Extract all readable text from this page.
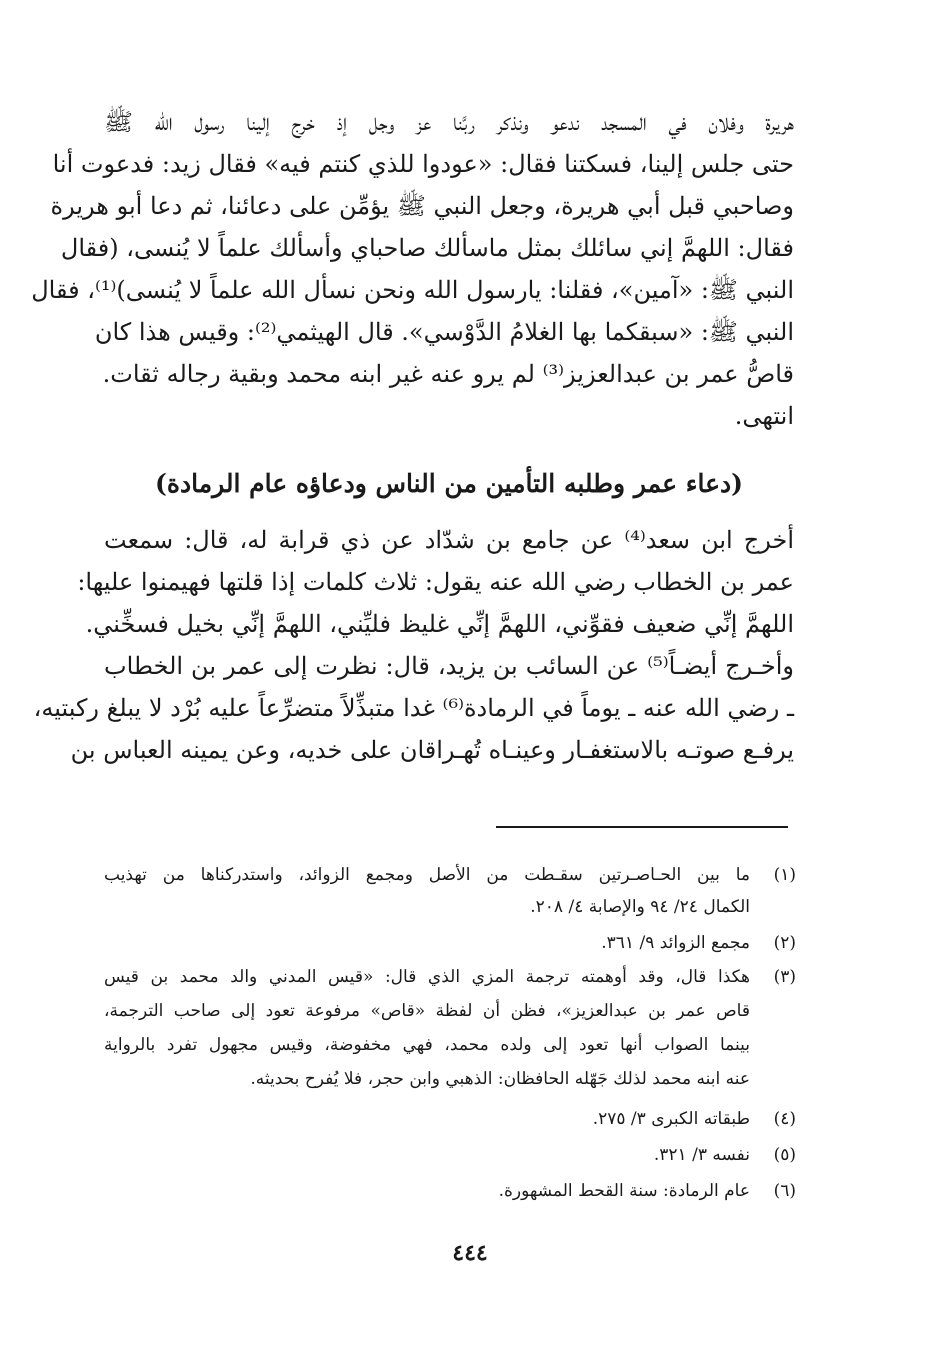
هريرة وفلان في المسجد ندعو ونذكر ربَّنا عز وجل إذ خرج إلينا رسول الله ﷺ
حتى جلس إلينا، فسكتنا فقال: «عودوا للذي كنتم فيه» فقال زيد: فدعوت أنا
وصاحبي قبل أبي هريرة، وجعل النبي ﷺ يؤمِّن على دعائنا، ثم دعا أبو هريرة
فقال: اللهمَّ إني سائلك بمثل ماسألك صاحباي وأسألك علماً لا يُنسى، (فقال
النبي ﷺ: «آمين»، فقلنا: يارسول الله ونحن نسأل الله علماً لا يُنسى)⁽¹⁾، فقال
النبي ﷺ: «سبقكما بها الغلامُ الدَّوْسي». قال الهيثمي⁽²⁾: وقيس هذا كان
قاصُّ عمر بن عبدالعزيز⁽³⁾ لم يرو عنه غير ابنه محمد وبقية رجاله ثقات.
انتهى.
(دعاء عمر وطلبه التأمين من الناس ودعاؤه عام الرمادة)
أخرج ابن سعد⁽⁴⁾ عن جامع بن شدّاد عن ذي قرابة له، قال: سمعت
عمر بن الخطاب رضي الله عنه يقول: ثلاث كلمات إذا قلتها فهيمنوا عليها:
اللهمَّ إنِّي ضعيف فقوِّني، اللهمَّ إنِّي غليظ فليِّني، اللهمَّ إنِّي بخيل فسخِّني.
وأخـرج أيضـاً⁽⁵⁾ عن السائب بن يزيد، قال: نظرت إلى عمر بن الخطاب
ـ رضي الله عنه ـ يوماً في الرمادة⁽⁶⁾ غدا متبذِّلاً متضرِّعاً عليه بُرْد لا يبلغ ركبتيه،
يرفـع صوتـه بالاستغفـار وعينـاه تُهـراقان على خديه، وعن يمينه العباس بن
(١)
ما بين الحـاصـرتين سقـطت من الأصل ومجمع الزوائد، واستدركناها من تهذيب
الكمال ٢٤/ ٩٤ والإصابة ٤/ ٢٠٨.
(٢)
مجمع الزوائد ٩/ ٣٦١.
(٣)
هكذا قال، وقد أوهمته ترجمة المزي الذي قال: «قيس المدني والد محمد بن قيس
قاص عمر بن عبدالعزيز»، فظن أن لفظة «قاص» مرفوعة تعود إلى صاحب الترجمة،
بينما الصواب أنها تعود إلى ولده محمد، فهي مخفوضة، وقيس مجهول تفرد بالرواية
عنه ابنه محمد لذلك جَهّله الحافظان: الذهبي وابن حجر، فلا يُفرح بحديثه.
(٤)
طبقاته الكبرى ٣/ ٢٧٥.
(٥)
نفسه ٣/ ٣٢١.
(٦)
عام الرمادة: سنة القحط المشهورة.
٤٤٤
